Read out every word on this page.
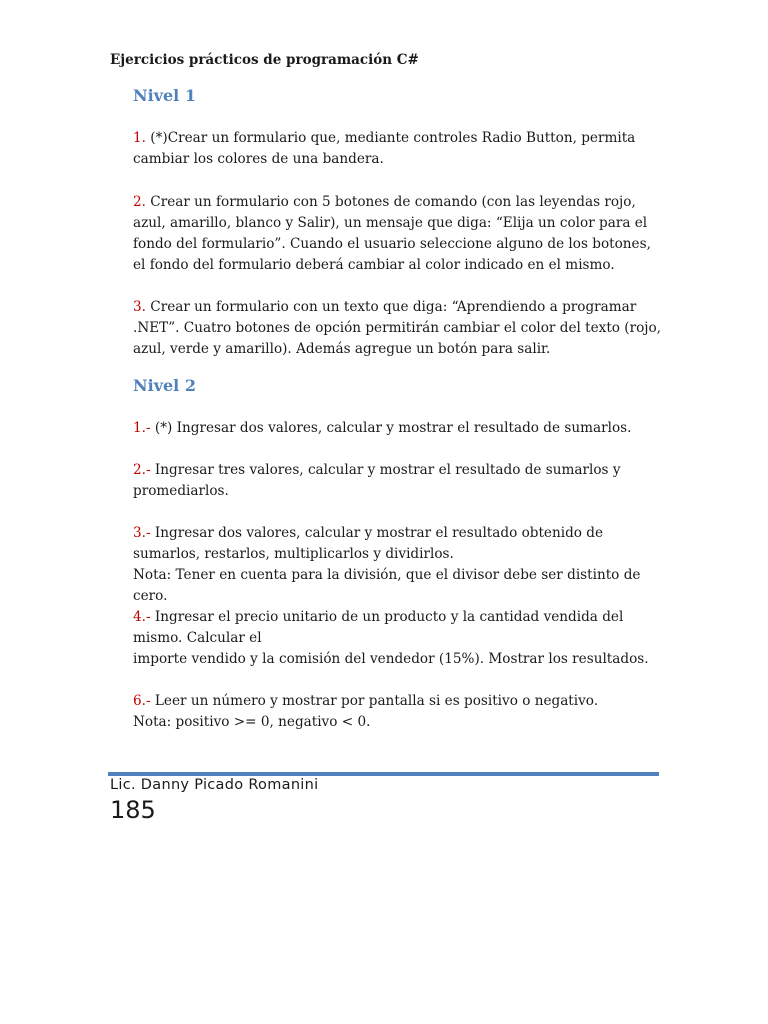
Ejercicios prácticos de programación C#
Nivel 1

1. (*)Crear un formulario que, mediante controles Radio Button, permita cambiar los colores de una bandera.

2. Crear un formulario con 5 botones de comando (con las leyendas rojo, azul, amarillo, blanco y Salir), un mensaje que diga: “Elija un color para el fondo del formulario”. Cuando el usuario seleccione alguno de los botones, el fondo del formulario deberá cambiar al color indicado en el mismo.

3. Crear un formulario con un texto que diga: “Aprendiendo a programar .NET”. Cuatro botones de opción permitirán cambiar el color del texto (rojo, azul, verde y amarillo). Además agregue un botón para salir.

Nivel 2

1.- (*) Ingresar dos valores, calcular y mostrar el resultado de sumarlos.

2.- Ingresar tres valores, calcular y mostrar el resultado de sumarlos y promediarlos.

3.- Ingresar dos valores, calcular y mostrar el resultado obtenido de sumarlos, restarlos, multiplicarlos y dividirlos.

Nota: Tener en cuenta para la división, que el divisor debe ser distinto de cero.

4.- Ingresar el precio unitario de un producto y la cantidad vendida del mismo. Calcular el

importe vendido y la comisión del vendedor (15%). Mostrar los resultados.

6.- Leer un número y mostrar por pantalla si es positivo o negativo.

Nota: positivo >= 0, negativo < 0.

Lic. Danny Picado Romanini
185
